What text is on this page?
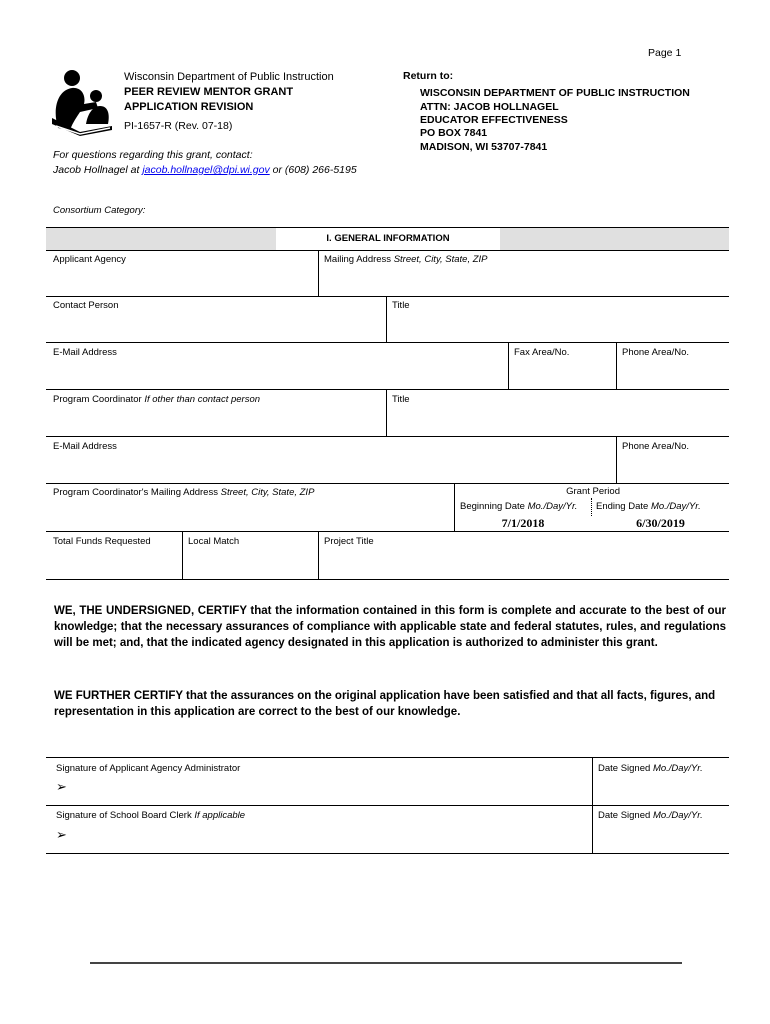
Page 1
Wisconsin Department of Public Instruction
PEER REVIEW MENTOR GRANT
APPLICATION REVISION
PI-1657-R (Rev. 07-18)
Return to:
WISCONSIN DEPARTMENT OF PUBLIC INSTRUCTION
ATTN: JACOB HOLLNAGEL
EDUCATOR EFFECTIVENESS
PO BOX 7841
MADISON, WI 53707-7841
For questions regarding this grant, contact:
Jacob Hollnagel at jacob.hollnagel@dpi.wi.gov or (608) 266-5195
Consortium Category:
I. GENERAL INFORMATION
Applicant Agency	Mailing Address Street, City, State, ZIP
Contact Person	Title
E-Mail Address	Fax Area/No.	Phone Area/No.
Program Coordinator If other than contact person	Title
E-Mail Address	Phone Area/No.
Program Coordinator's Mailing Address Street, City, State, ZIP	Grant Period
Beginning Date Mo./Day/Yr. Ending Date Mo./Day/Yr.
7/1/2018	6/30/2019
Total Funds Requested	Local Match	Project Title
WE, THE UNDERSIGNED, CERTIFY that the information contained in this form is complete and accurate to the best of our knowledge; that the necessary assurances of compliance with applicable state and federal statutes, rules, and regulations will be met; and, that the indicated agency designated in this application is authorized to administer this grant.
WE FURTHER CERTIFY that the assurances on the original application have been satisfied and that all facts, figures, and representation in this application are correct to the best of our knowledge.
Signature of Applicant Agency Administrator
➢
Date Signed Mo./Day/Yr.
Signature of School Board Clerk If applicable
➢
Date Signed Mo./Day/Yr.
